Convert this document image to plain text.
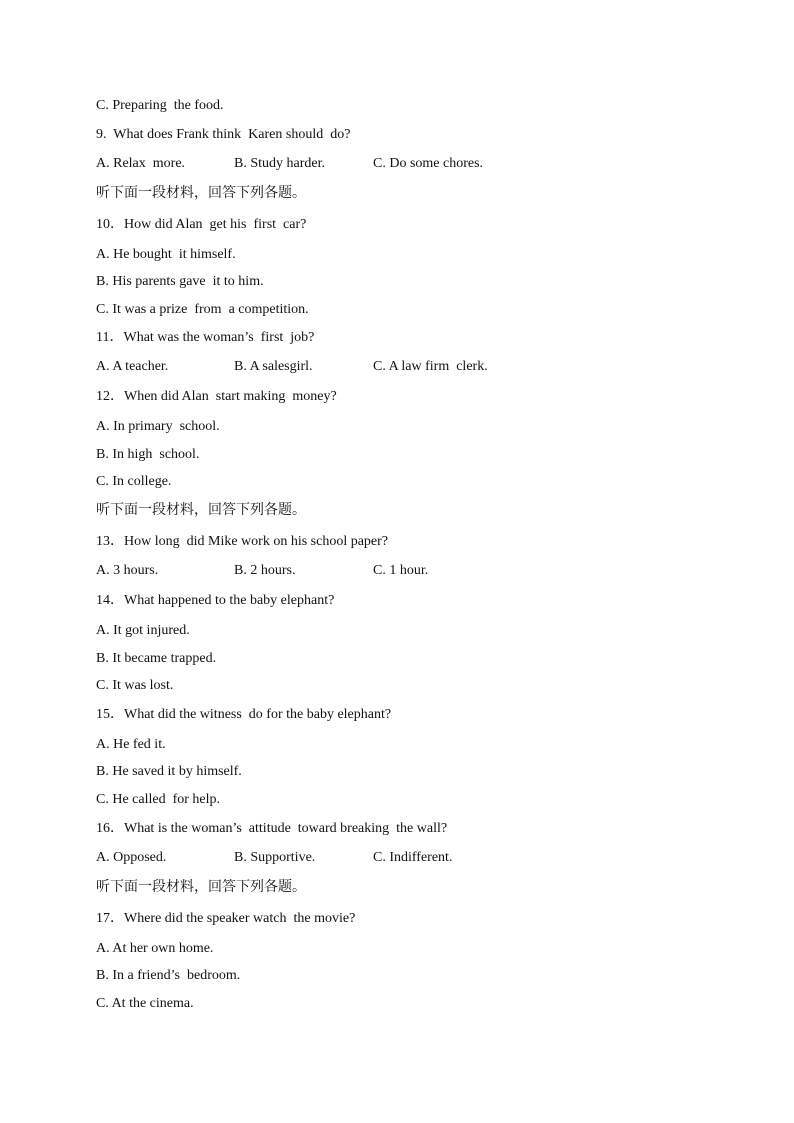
C. Preparing  the food.
9.  What does Frank think  Karen should  do?
A. Relax  more.	B. Study harder.	C. Do some chores.
听下面一段材料，回答下列各题。
10．How did Alan  get his  first  car?
A. He bought  it himself.
B. His parents gave  it to him.
C. It was a prize  from  a competition.
11．What was the woman’s  first  job?
A. A teacher.	B. A salesgirl.	C. A law firm  clerk.
12．When did Alan  start making  money?
A. In primary  school.
B. In high  school.
C. In college.
听下面一段材料，回答下列各题。
13．How long  did Mike work on his school paper?
A. 3 hours.	B. 2 hours.	C. 1 hour.
14．What happened to the baby elephant?
A. It got injured.
B. It became trapped.
C. It was lost.
15．What did the witness  do for the baby elephant?
A. He fed it.
B. He saved it by himself.
C. He called  for help.
16．What is the woman’s  attitude  toward breaking  the wall?
A. Opposed.	B. Supportive.	C. Indifferent.
听下面一段材料，回答下列各题。
17．Where did the speaker watch  the movie?
A. At her own home.
B. In a friend’s  bedroom.
C. At the cinema.
